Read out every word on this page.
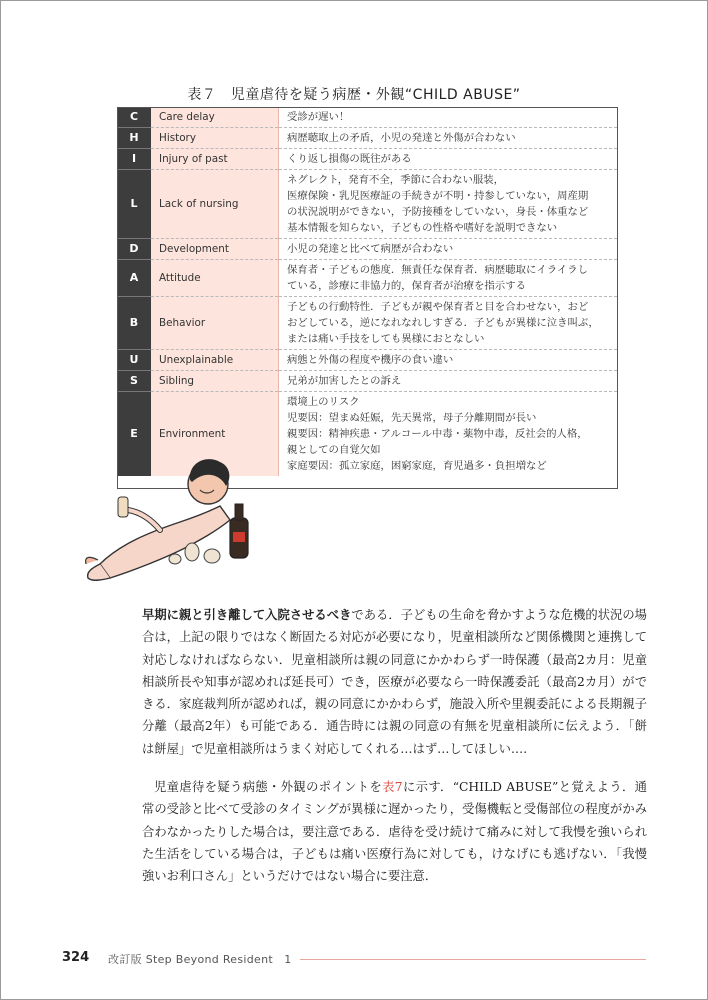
表７　児童虐待を疑う病歴・外観“CHILD ABUSE”
C	Care delay	受診が遅い！

H	History	病歴聴取上の矛盾，小児の発達と外傷が合わない

I	Injury of past	くり返し損傷の既往がある

L	Lack of nursing	ネグレクト，発育不全，季節に合わない服装，
医療保険・乳児医療証の手続きが不明・持参していない，周産期
の状況説明ができない，予防接種をしていない，身長・体重など
基本情報を知らない，子どもの性格や嗜好を説明できない

D	Development	小児の発達と比べて病歴が合わない

A	Attitude	保育者・子どもの態度．無責任な保育者．病歴聴取にイライラし
ている，診療に非協力的，保育者が治療を指示する

B	Behavior	子どもの行動特性．子どもが親や保育者と目を合わせない，おど
おどしている，逆になれなれしすぎる．子どもが異様に泣き叫ぶ，
または痛い手技をしても異様におとなしい

U	Unexplainable	病態と外傷の程度や機序の食い違い

S	Sibling	兄弟が加害したとの訴え

E	Environment	環境上のリスク
児要因：望まぬ妊娠，先天異常，母子分離期間が長い
親要因：精神疾患・アルコール中毒・薬物中毒，反社会的人格，
親としての自覚欠如
家庭要因：孤立家庭，困窮家庭，育児過多・負担増など
早期に親と引き離して入院させるべきである．子どもの生命を脅かすような危機的状況の場合は，上記の限りではなく断固たる対応が必要になり，児童相談所など関係機関と連携して対応しなければならない．児童相談所は親の同意にかかわらず一時保護（最高2カ月：児童相談所長や知事が認めれば延長可）でき，医療が必要なら一時保護委託（最高2カ月）ができる．家庭裁判所が認めれば，親の同意にかかわらず，施設入所や里親委託による長期親子分離（最高2年）も可能である．通告時には親の同意の有無を児童相談所に伝えよう．「餅は餅屋」で児童相談所はうまく対応してくれる…はず…してほしい….
児童虐待を疑う病態・外観のポイントを表7に示す．“CHILD ABUSE”と覚えよう．通常の受診と比べて受診のタイミングが異様に遅かったり，受傷機転と受傷部位の程度がかみ合わなかったりした場合は，要注意である．虐待を受け続けて痛みに対して我慢を強いられた生活をしている場合は，子どもは痛い医療行為に対しても，けなげにも逃げない．「我慢強いお利口さん」というだけではない場合に要注意．
324 改訂版 Step Beyond Resident　1
